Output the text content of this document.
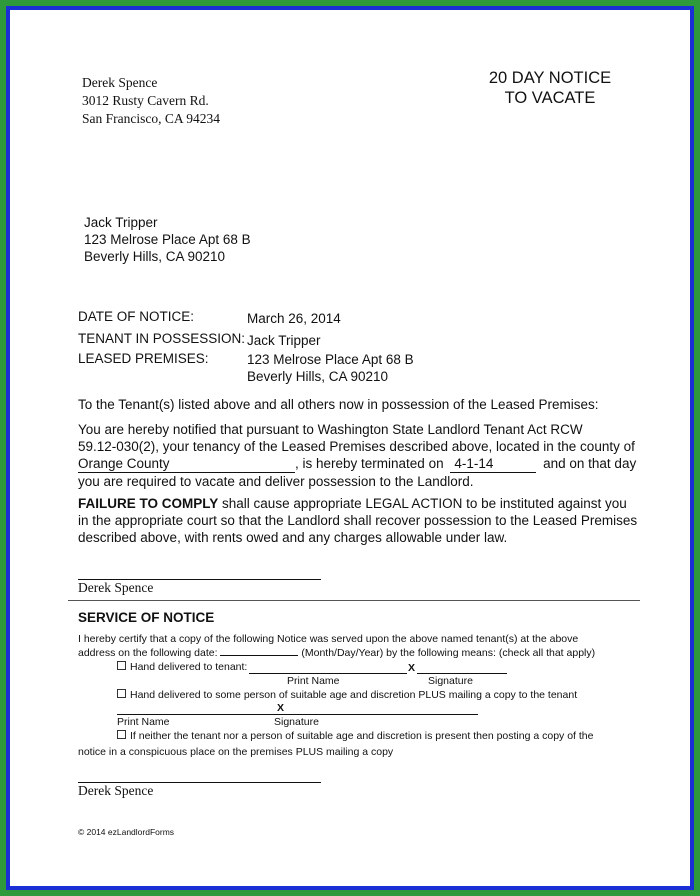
Derek Spence
3012 Rusty Cavern Rd.
San Francisco, CA 94234
20 DAY NOTICE
TO VACATE
Jack Tripper
123 Melrose Place Apt 68 B
Beverly Hills, CA 90210
DATE OF NOTICE:	March 26, 2014
TENANT IN POSSESSION: Jack Tripper
LEASED PREMISES:	123 Melrose Place Apt 68 B
Beverly Hills, CA 90210
To the Tenant(s) listed above and all others now in possession of the Leased Premises:
You are hereby notified that pursuant to Washington State Landlord Tenant Act RCW
59.12-030(2), your tenancy of the Leased Premises described above, located in the county of
Orange County	, is hereby terminated on 4-1-14	and on that day
you are required to vacate and deliver possession to the Landlord.
FAILURE TO COMPLY shall cause appropriate LEGAL ACTION to be instituted against you
in the appropriate court so that the Landlord shall recover possession to the Leased Premises
described above, with rents owed and any charges allowable under law.
Derek Spence
SERVICE OF NOTICE
I hereby certify that a copy of the following Notice was served upon the above named tenant(s) at the above
address on the following date:	(Month/Day/Year) by the following means: (check all that apply)
Hand delivered to tenant:	X
Print Name	Signature
Hand delivered to some person of suitable age and discretion PLUS mailing a copy to the tenant
X
Print Name	Signature
If neither the tenant nor a person of suitable age and discretion is present then posting a copy of the
notice in a conspicuous place on the premises PLUS mailing a copy
Derek Spence
© 2014 ezLandlordForms
